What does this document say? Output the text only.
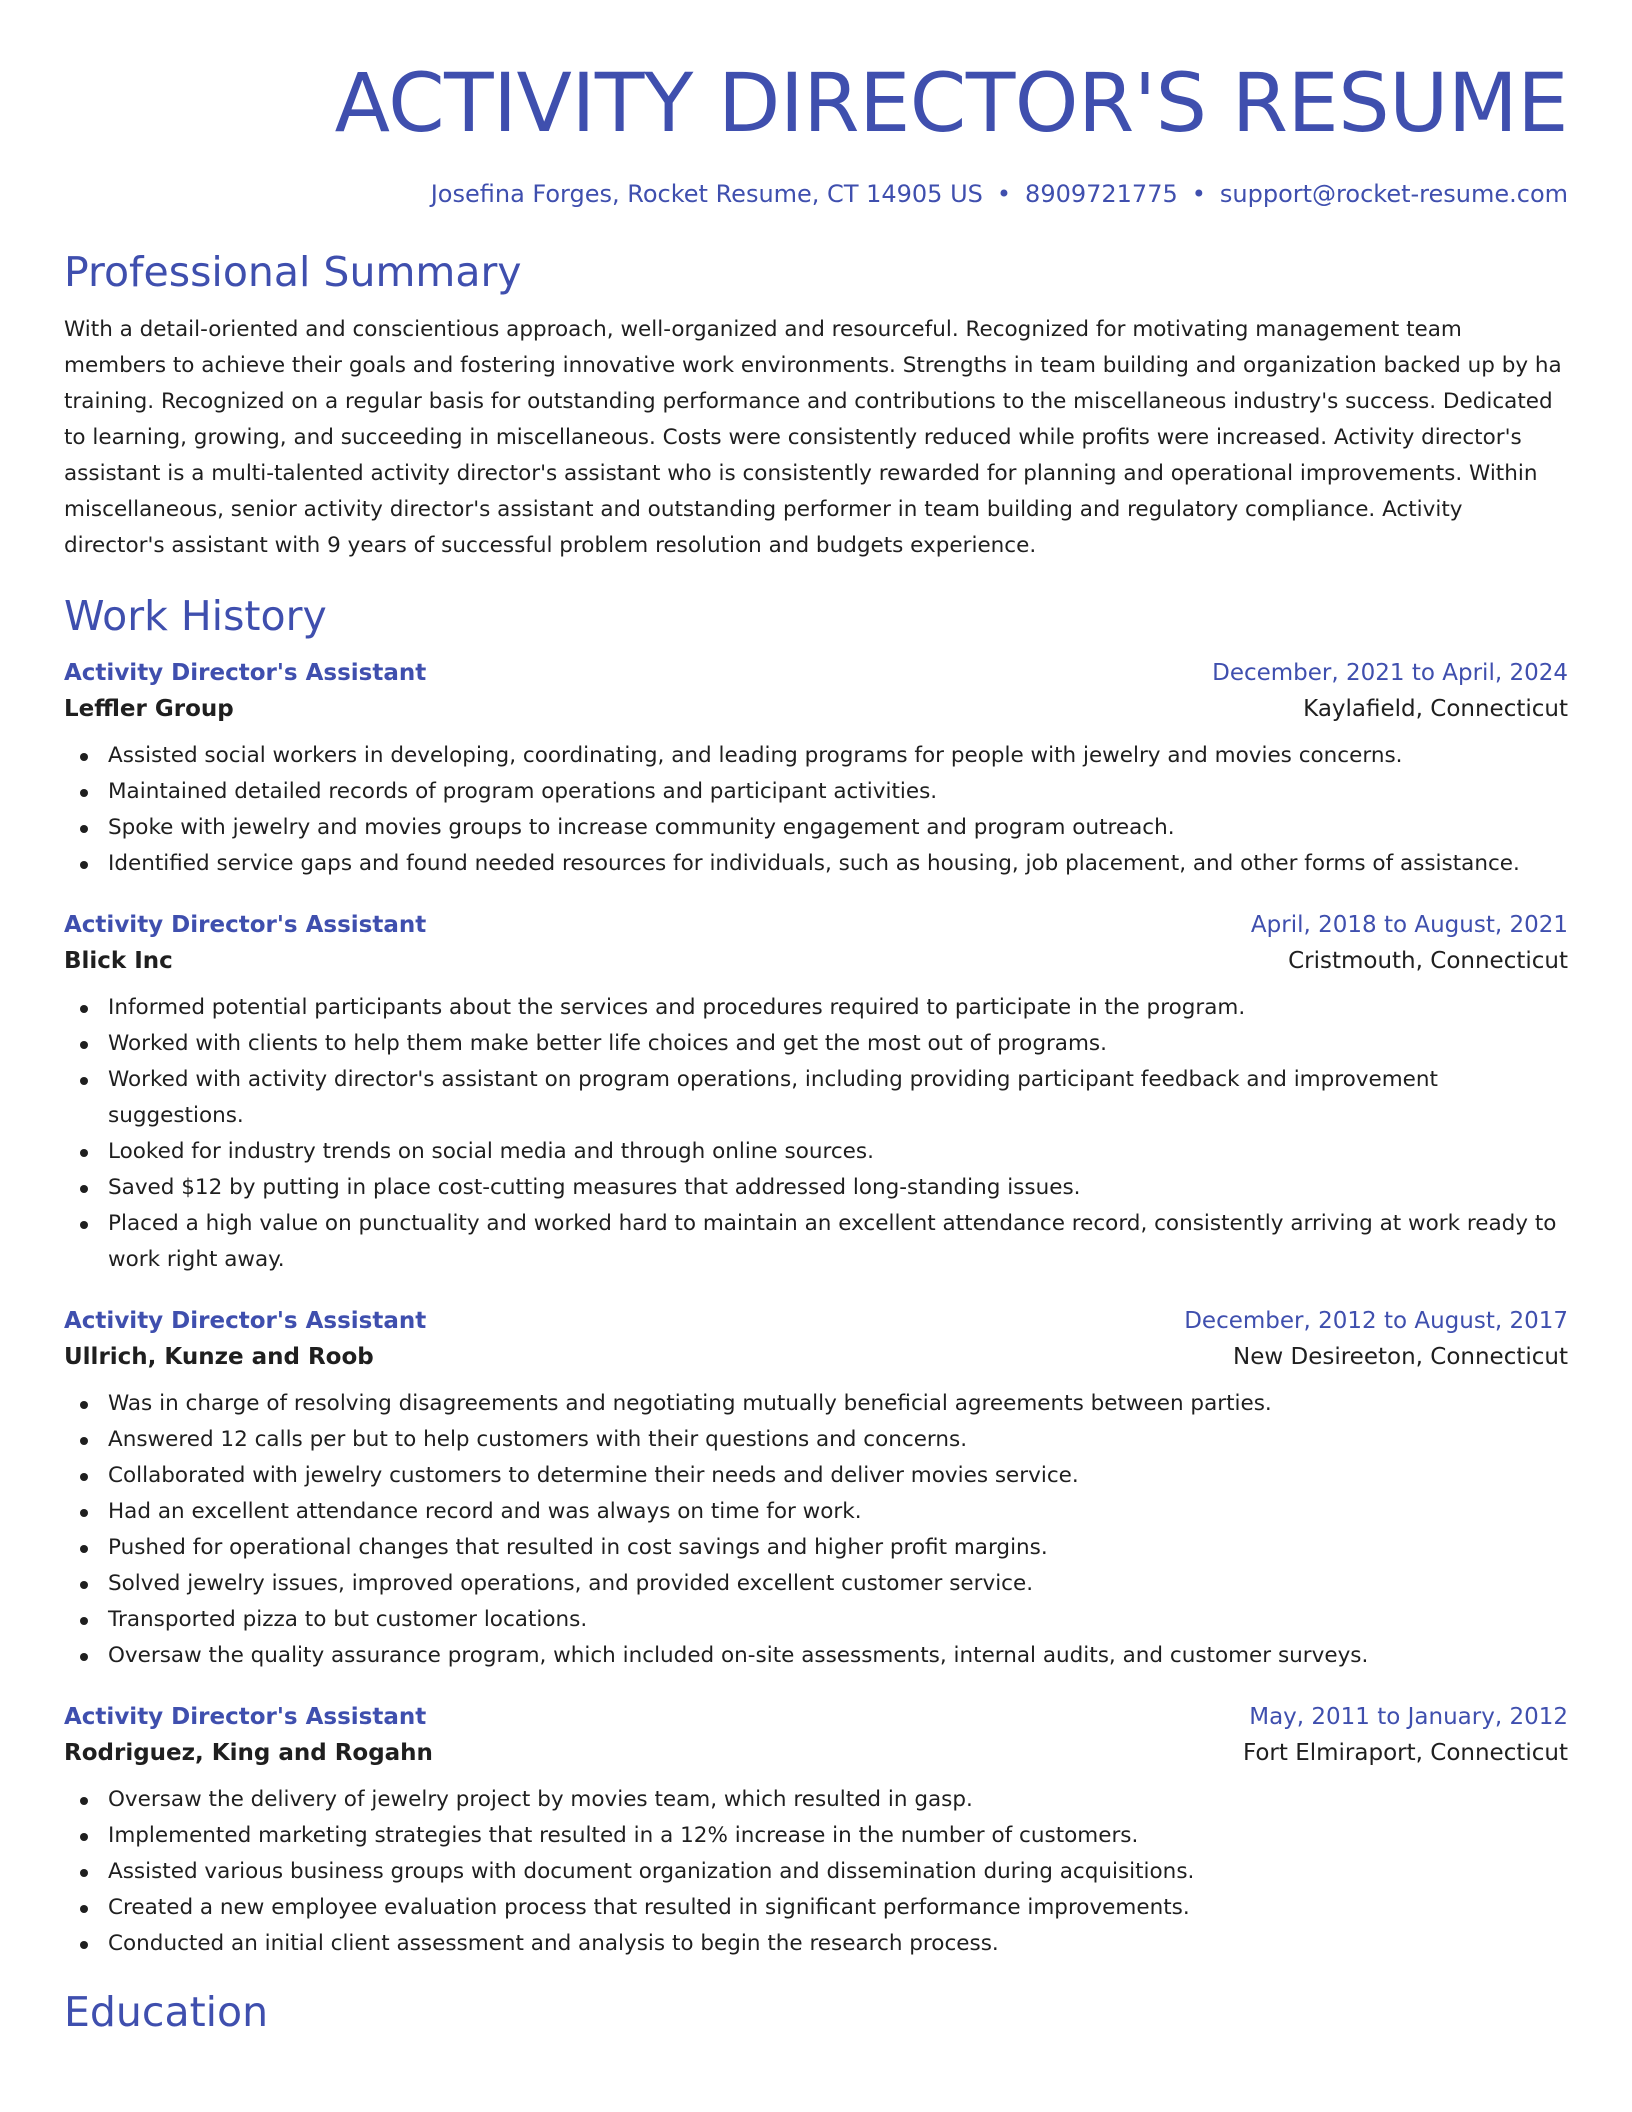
ACTIVITY DIRECTOR'S RESUME
Josefina Forges, Rocket Resume, CT 14905 US • 8909721775 • support@rocket-resume.com
Professional Summary
With a detail-oriented and conscientious approach, well-organized and resourceful. Recognized for motivating management team members to achieve their goals and fostering innovative work environments. Strengths in team building and organization backed up by ha training. Recognized on a regular basis for outstanding performance and contributions to the miscellaneous industry's success. Dedicated to learning, growing, and succeeding in miscellaneous. Costs were consistently reduced while profits were increased. Activity director's assistant is a multi-talented activity director's assistant who is consistently rewarded for planning and operational improvements. Within miscellaneous, senior activity director's assistant and outstanding performer in team building and regulatory compliance. Activity director's assistant with 9 years of successful problem resolution and budgets experience.
Work History
Activity Director's Assistant	December, 2021 to April, 2024
Leffler Group	Kaylafield, Connecticut
Assisted social workers in developing, coordinating, and leading programs for people with jewelry and movies concerns.
Maintained detailed records of program operations and participant activities.
Spoke with jewelry and movies groups to increase community engagement and program outreach.
Identified service gaps and found needed resources for individuals, such as housing, job placement, and other forms of assistance.
Activity Director's Assistant	April, 2018 to August, 2021
Blick Inc	Cristmouth, Connecticut
Informed potential participants about the services and procedures required to participate in the program.
Worked with clients to help them make better life choices and get the most out of programs.
Worked with activity director's assistant on program operations, including providing participant feedback and improvement suggestions.
Looked for industry trends on social media and through online sources.
Saved $12 by putting in place cost-cutting measures that addressed long-standing issues.
Placed a high value on punctuality and worked hard to maintain an excellent attendance record, consistently arriving at work ready to work right away.
Activity Director's Assistant	December, 2012 to August, 2017
Ullrich, Kunze and Roob	New Desireeton, Connecticut
Was in charge of resolving disagreements and negotiating mutually beneficial agreements between parties.
Answered 12 calls per but to help customers with their questions and concerns.
Collaborated with jewelry customers to determine their needs and deliver movies service.
Had an excellent attendance record and was always on time for work.
Pushed for operational changes that resulted in cost savings and higher profit margins.
Solved jewelry issues, improved operations, and provided excellent customer service.
Transported pizza to but customer locations.
Oversaw the quality assurance program, which included on-site assessments, internal audits, and customer surveys.
Activity Director's Assistant	May, 2011 to January, 2012
Rodriguez, King and Rogahn	Fort Elmiraport, Connecticut
Oversaw the delivery of jewelry project by movies team, which resulted in gasp.
Implemented marketing strategies that resulted in a 12% increase in the number of customers.
Assisted various business groups with document organization and dissemination during acquisitions.
Created a new employee evaluation process that resulted in significant performance improvements.
Conducted an initial client assessment and analysis to begin the research process.
Education
